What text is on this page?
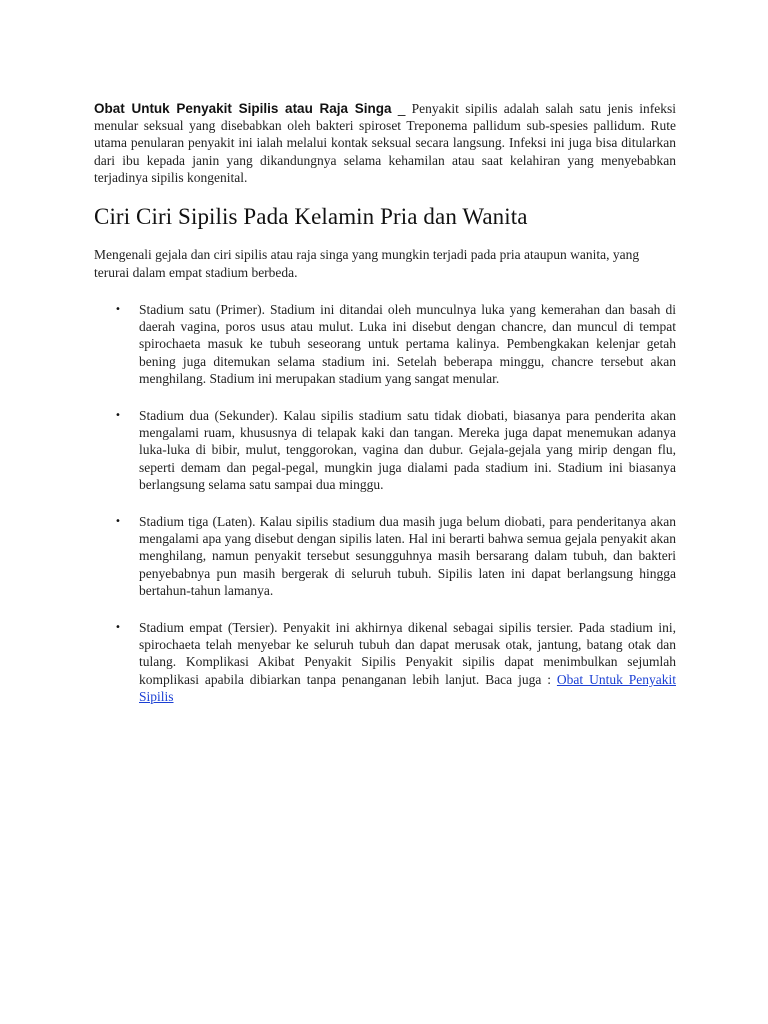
Obat Untuk Penyakit Sipilis atau Raja Singa _ Penyakit sipilis adalah salah satu jenis infeksi menular seksual yang disebabkan oleh bakteri spiroset Treponema pallidum sub-spesies pallidum. Rute utama penularan penyakit ini ialah melalui kontak seksual secara langsung. Infeksi ini juga bisa ditularkan dari ibu kepada janin yang dikandungnya selama kehamilan atau saat kelahiran yang menyebabkan terjadinya sipilis kongenital.

Ciri Ciri Sipilis Pada Kelamin Pria dan Wanita

Mengenali gejala dan ciri sipilis atau raja singa yang mungkin terjadi pada pria ataupun wanita, yang terurai dalam empat stadium berbeda.

• Stadium satu (Primer). Stadium ini ditandai oleh munculnya luka yang kemerahan dan basah di daerah vagina, poros usus atau mulut. Luka ini disebut dengan chancre, dan muncul di tempat spirochaeta masuk ke tubuh seseorang untuk pertama kalinya. Pembengkakan kelenjar getah bening juga ditemukan selama stadium ini. Setelah beberapa minggu, chancre tersebut akan menghilang. Stadium ini merupakan stadium yang sangat menular.
• Stadium dua (Sekunder). Kalau sipilis stadium satu tidak diobati, biasanya para penderita akan mengalami ruam, khususnya di telapak kaki dan tangan. Mereka juga dapat menemukan adanya luka-luka di bibir, mulut, tenggorokan, vagina dan dubur. Gejala-gejala yang mirip dengan flu, seperti demam dan pegal-pegal, mungkin juga dialami pada stadium ini. Stadium ini biasanya berlangsung selama satu sampai dua minggu.
• Stadium tiga (Laten). Kalau sipilis stadium dua masih juga belum diobati, para penderitanya akan mengalami apa yang disebut dengan sipilis laten. Hal ini berarti bahwa semua gejala penyakit akan menghilang, namun penyakit tersebut sesungguhnya masih bersarang dalam tubuh, dan bakteri penyebabnya pun masih bergerak di seluruh tubuh. Sipilis laten ini dapat berlangsung hingga bertahun-tahun lamanya.
• Stadium empat (Tersier). Penyakit ini akhirnya dikenal sebagai sipilis tersier. Pada stadium ini, spirochaeta telah menyebar ke seluruh tubuh dan dapat merusak otak, jantung, batang otak dan tulang. Komplikasi Akibat Penyakit Sipilis Penyakit sipilis dapat menimbulkan sejumlah komplikasi apabila dibiarkan tanpa penanganan lebih lanjut. Baca juga : Obat Untuk Penyakit Sipilis
